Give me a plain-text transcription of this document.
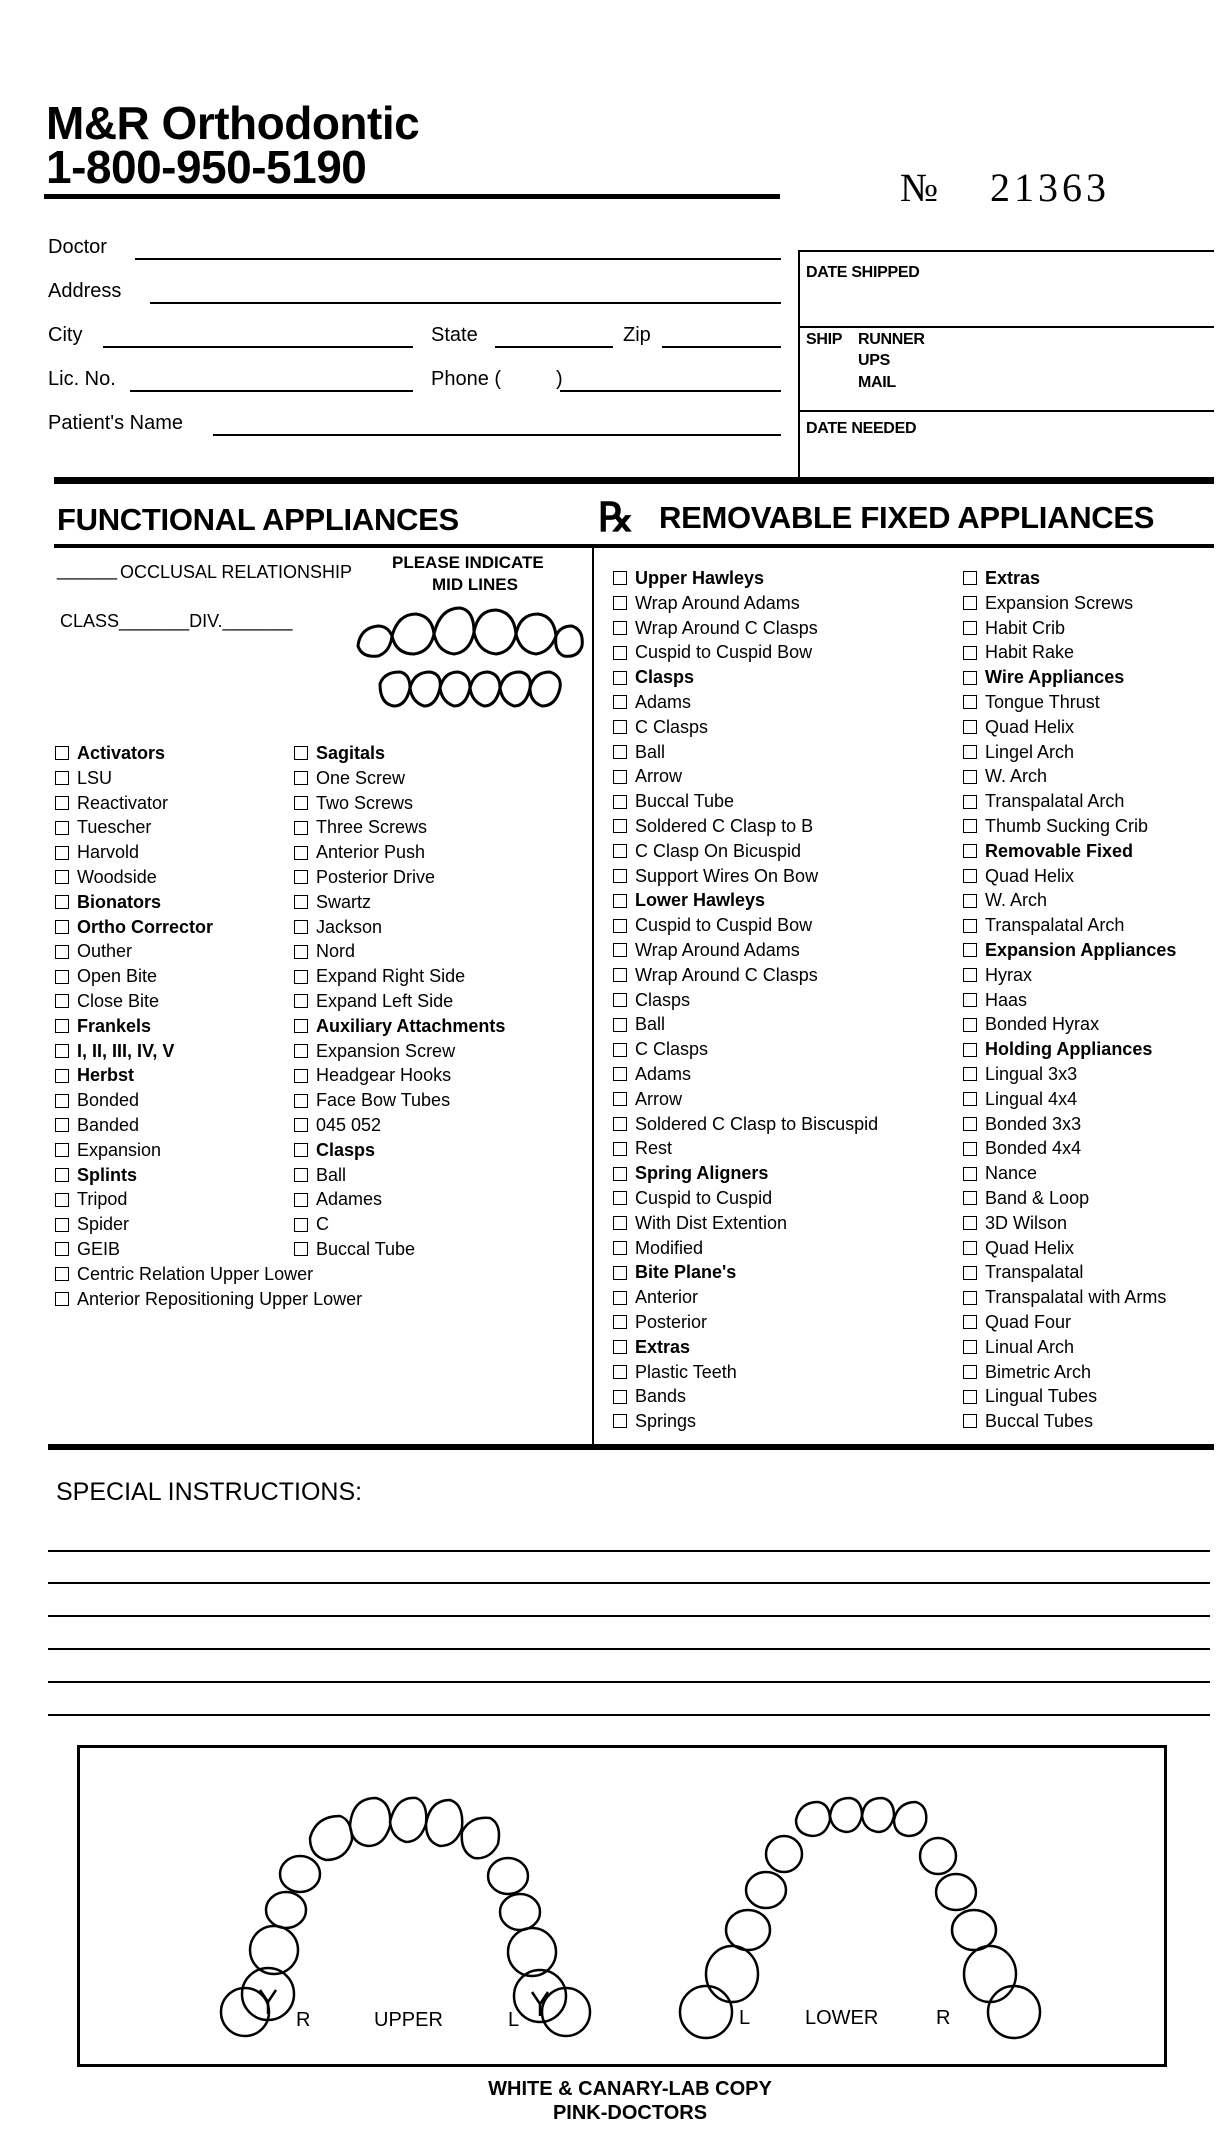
M&R Orthodontic
1-800-950-5190	№ 21363
Doctor
Address
City	State	Zip
Lic. No.	Phone (	)
Patient's Name
DATE SHIPPED
SHIP RUNNER
UPS
MAIL
DATE NEEDED
FUNCTIONAL APPLIANCES	℞ REMOVABLE FIXED APPLIANCES
______ OCCLUSAL RELATIONSHIP PLEASE INDICATE
MID LINES
CLASS_______DIV._______
Activators
LSU
Reactivator
Tuescher
Harvold
Woodside
Bionators
Ortho Corrector
Outher
Open Bite
Close Bite
Frankels
I, II, III, IV, V
Herbst
Bonded
Banded
Expansion
Splints
Tripod
Spider
GEIB
Centric Relation Upper Lower
Anterior Repositioning Upper Lower
Sagitals
One Screw
Two Screws
Three Screws
Anterior Push
Posterior Drive
Swartz
Jackson
Nord
Expand Right Side
Expand Left Side
Auxiliary Attachments
Expansion Screw
Headgear Hooks
Face Bow Tubes
045 052
Clasps
Ball
Adames
C
Buccal Tube
Upper Hawleys
Wrap Around Adams
Wrap Around C Clasps
Cuspid to Cuspid Bow
Clasps
Adams
C Clasps
Ball
Arrow
Buccal Tube
Soldered C Clasp to B
C Clasp On Bicuspid
Support Wires On Bow
Lower Hawleys
Cuspid to Cuspid Bow
Wrap Around Adams
Wrap Around C Clasps
Clasps
Ball
C Clasps
Adams
Arrow
Soldered C Clasp to Biscuspid
Rest
Spring Aligners
Cuspid to Cuspid
With Dist Extention
Modified
Bite Plane's
Anterior
Posterior
Extras
Plastic Teeth
Bands
Springs
Extras
Expansion Screws
Habit Crib
Habit Rake
Wire Appliances
Tongue Thrust
Quad Helix
Lingel Arch
W. Arch
Transpalatal Arch
Thumb Sucking Crib
Removable Fixed
Quad Helix
W. Arch
Transpalatal Arch
Expansion Appliances
Hyrax
Haas
Bonded Hyrax
Holding Appliances
Lingual 3x3
Lingual 4x4
Bonded 3x3
Bonded 4x4
Nance
Band & Loop
3D Wilson
Quad Helix
Transpalatal
Transpalatal with Arms
Quad Four
Linual Arch
Bimetric Arch
Lingual Tubes
Buccal Tubes
SPECIAL INSTRUCTIONS:
R	UPPER	L	L	LOWER	R
WHITE & CANARY-LAB COPY
PINK-DOCTORS
